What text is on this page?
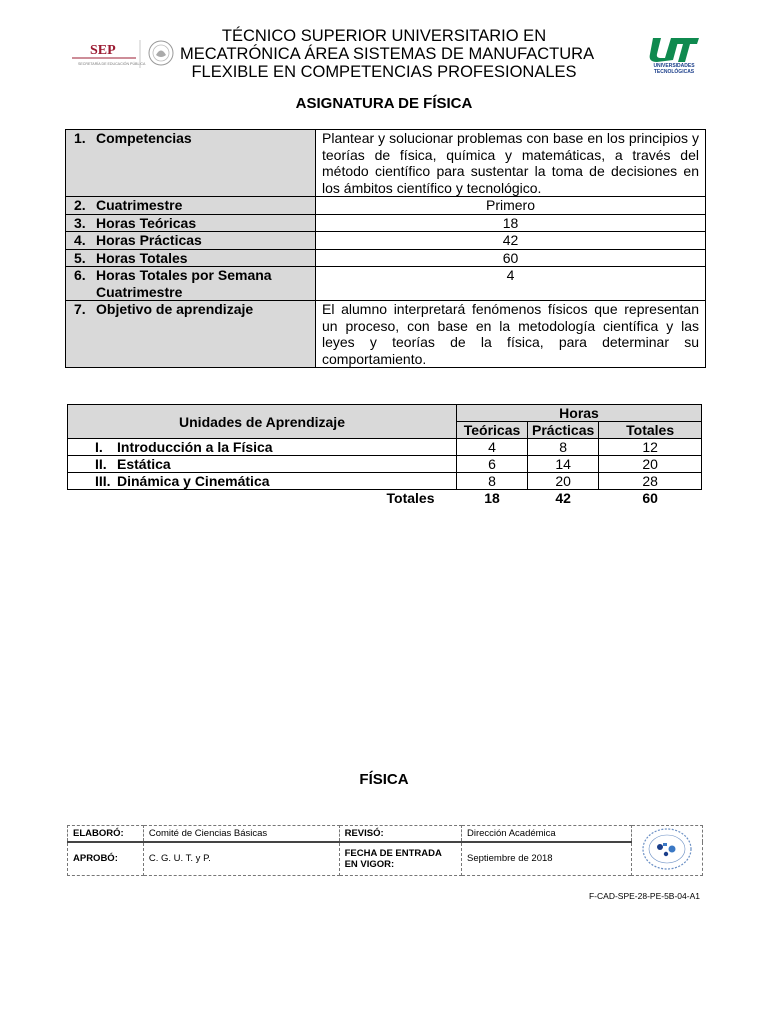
SEP
SECRETARÍA DE EDUCACIÓN PÚBLICA
TÉCNICO SUPERIOR UNIVERSITARIO EN
MECATRÓNICA ÁREA SISTEMAS DE MANUFACTURA
FLEXIBLE EN COMPETENCIAS PROFESIONALES	UNIVERSIDADES
TECNOLÓGICAS
ASIGNATURA DE FÍSICA
1. Competencias	Plantear y solucionar problemas con base en los principios y teorías de física, química y matemáticas, a través del método científico para sustentar la toma de decisiones en los ámbitos científico y tecnológico.
2. Cuatrimestre	Primero
3. Horas Teóricas	18
4. Horas Prácticas	42
5. Horas Totales	60
6. Horas Totales por Semana
Cuatrimestre	4
7. Objetivo de aprendizaje	El alumno interpretará fenómenos físicos que representan un proceso, con base en la metodología científica y las leyes y teorías de la física, para determinar su comportamiento.
Unidades de Aprendizaje	Horas		
	Teóricas	Prácticas	Totales
I. Introducción a la Física	4	8	12
II. Estática	6	14	20
III. Dinámica y Cinemática	8	20	28
Totales	18	42	60
FÍSICA
ELABORÓ:	Comité de Ciencias Básicas	REVISÓ:	Dirección Académica	
APROBÓ:	C. G. U. T. y P.	FECHA DE ENTRADA
EN VIGOR:	Septiembre de 2018	
F-CAD-SPE-28-PE-5B-04-A1
